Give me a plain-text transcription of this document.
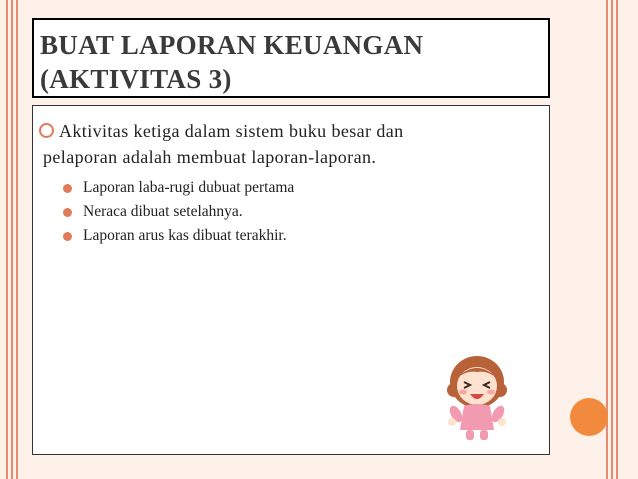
BUAT LAPORAN KEUANGAN
(AKTIVITAS 3)
Aktivitas ketiga dalam sistem buku besar dan
pelaporan adalah membuat laporan-laporan.
Laporan laba-rugi dubuat pertama
Neraca dibuat setelahnya.
Laporan arus kas dibuat terakhir.
